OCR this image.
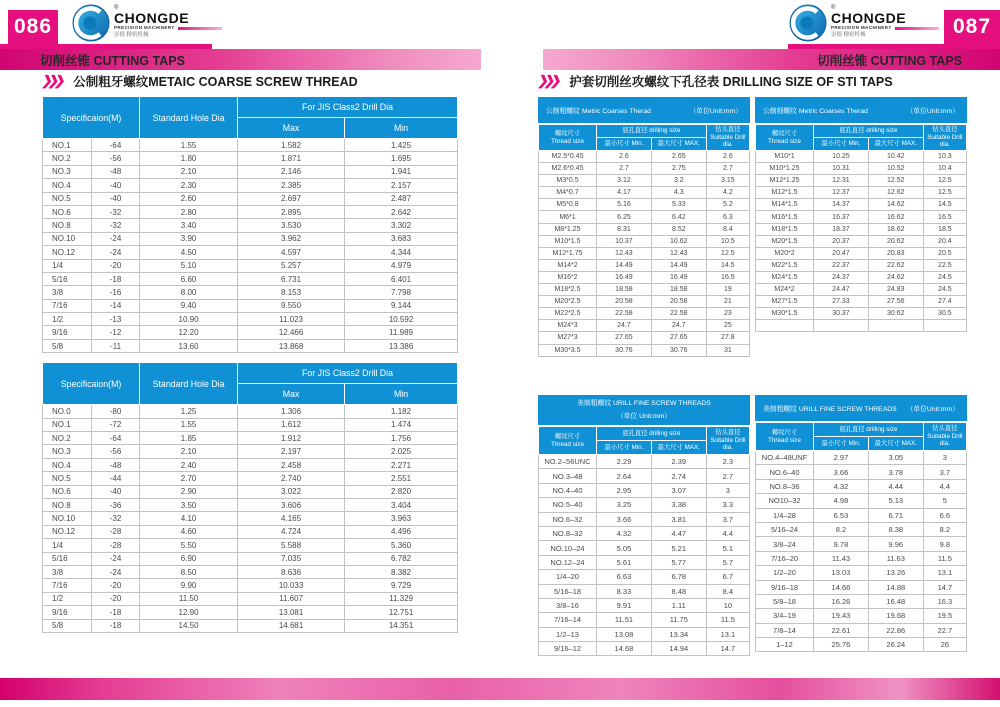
086
®
CHONGDE
PRECISION MACHINERY
崇德 精密机械	087
®
CHONGDE
PRECISION MACHINERY
崇德 精密机械
切削丝锥 CUTTING TAPS	切削丝锥 CUTTING TAPS
❯❯❯ 公制粗牙螺纹METAIC COARSE SCREW THREAD	❯❯❯ 护套切削丝攻螺纹下孔径表 DRILLING SIZE OF STI TAPS
Specificaion(M)		Standard Hole Dia	For JIS Class2 Drill Dia	
			Max	Min
NO.1	-64	1.55	1.582	1.425
NO.2	-56	1.80	1.871	1.695
NO.3	-48	2.10	2.146	1.941
NO.4	-40	2.30	2.385	2.157
NO.5	-40	2.60	2.697	2.487
NO.6	-32	2.80	2.895	2.642
NO.8	-32	3.40	3.530	3.302
NO.10	-24	3.90	3.962	3.683
NO.12	-24	4.50	4.597	4.344
1/4	-20	5.10	5.257	4.979
5/16	-18	6.60	6.731	6.401
3/8	-16	8.00	8.153	7.798
7/16	-14	9.40	9.550	9.144
1/2	-13	10.90	11.023	10.592
9/16	-12	12.20	12.466	11.989
5/8	-11	13.60	13.868	13.386
Specificaion(M)		Standard Hole Dia	For JIS Class2 Drill Dia	
			Max	Min
NO.0	-80	1.25	1.306	1.182
NO.1	-72	1.55	1.612	1.474
NO.2	-64	1.85	1.912	1.756
NO.3	-56	2.10	2.197	2.025
NO.4	-48	2.40	2.458	2.271
NO.5	-44	2.70	2.740	2.551
NO.6	-40	2.90	3.022	2.820
NO.8	-36	3.50	3.606	3.404
NO.10	-32	4.10	4.165	3.963
NO.12	-28	4.60	4.724	4.496
1/4	-28	5.50	5.588	5.360
5/16	-24	6.90	7.035	6.782
3/8	-24	8.50	8.636	8.382
7/16	-20	9.90	10.033	9.729
1/2	-20	11.50	11.607	11.329
9/16	-18	12.90	13.081	12.751
5/8	-18	14.50	14.681	14.351
公制粗螺纹 Metric Coarses Therad	（单位Unit:mm）
螺纹尺寸
Thread size	底孔直径 drilling size		钻头直径
Suitable Drill dia.
	最小尺寸 Min.	最大尺寸 MAX.	
M2.5*0.45	2.6	2.65	2.6
M2.6*0.45	2.7	2.75	2.7
M3*0.5	3.12	3.2	3.15
M4*0.7	4.17	4.3	4.2
M5*0.8	5.16	5.33	5.2
M6*1	6.25	6.42	6.3
M8*1.25	8.31	8.52	8.4
M10*1.5	10.37	10.62	10.5
M12*1.75	12.43	12.43	12.5
M14*2	14.49	14.49	14.5
M16*2	16.49	16.49	16.5
M18*2.5	18.58	18.58	19
M20*2.5	20.58	20.58	21
M22*2.5	22.58	22.58	23
M24*3	24.7	24.7	25
M27*3	27.65	27.65	27.8
M30*3.5	30.76	30.76	31
公制细螺纹 Metric Coarses Therad	（单位Unit:mm）
螺纹尺寸
Thread size	底孔直径 drilling size		钻头直径
Suitable Drill dia.
	最小尺寸 Min.	最大尺寸 MAX.	
M10*1	10.25	10.42	10.3
M10*1.25	10.31	10.52	10.4
M12*1.25	12.31	12.52	12.5
M12*1.5	12.37	12.62	12.5
M14*1.5	14.37	14.62	14.5
M16*1.5	16.37	16.62	16.5
M18*1.5	18.37	18.62	18.5
M20*1.5	20.37	20.62	20.4
M20*2	20.47	20.83	20.5
M22*1.5	22.37	22.62	22.5
M24*1.5	24.37	24.62	24.5
M24*2	24.47	24.83	24.5
M27*1.5	27.33	27.56	27.4
M30*1.5	30.37	30.62	30.5

美制粗螺纹 URILL FINE SCREW THREADS
（单位 Unit:mm）
螺纹尺寸
Thread size	底孔直径 drilling size		钻头直径
Suitable Drill dia.
	最小尺寸 Min.	最大尺寸 MAX.	
NO.2–56UNC	2.29	2.39	2.3
NO.3–48	2.64	2.74	2.7
NO.4–40	2.95	3.07	3
NO.5–40	3.25	3.38	3.3
NO.6–32	3.66	3.81	3.7
NO.8–32	4.32	4.47	4.4
NO.10–24	5.05	5.21	5.1
NO.12–24	5.61	5.77	5.7
1/4–20	6.63	6.78	6.7
5/16–18	8.33	8.48	8.4
3/8–16	9.91	1.11	10
7/16–14	11.51	11.75	11.5
1/2–13	13.08	13.34	13.1
9/16–12	14.68	14.94	14.7
美制粗螺纹 URILL FINE SCREW THREADS （单位Unit:mm）
螺纹尺寸
Thread size	底孔直径 drilling size		钻头直径
Suitable Drill dia.
	最小尺寸 Min.	最大尺寸 MAX.	
NO.4–48UNF	2.97	3.05	3
NO.6–40	3.66	3.78	3.7
NO.8–36	4.32	4.44	4.4
NO10–32	4.98	5.13	5
1/4–28	6.53	6.71	6.6
5/16–24	8.2	8.38	8.2
3/8–24	9.78	9.96	9.8
7/16–20	11.43	11.63	11.5
1/2–20	13.03	13.26	13.1
9/16–18	14.66	14.88	14.7
5/8–18	16.26	16.48	16.3
3/4–19	19.43	19.68	19.5
7/8–14	22.61	22.86	22.7
1–12	25.76	26.24	26
